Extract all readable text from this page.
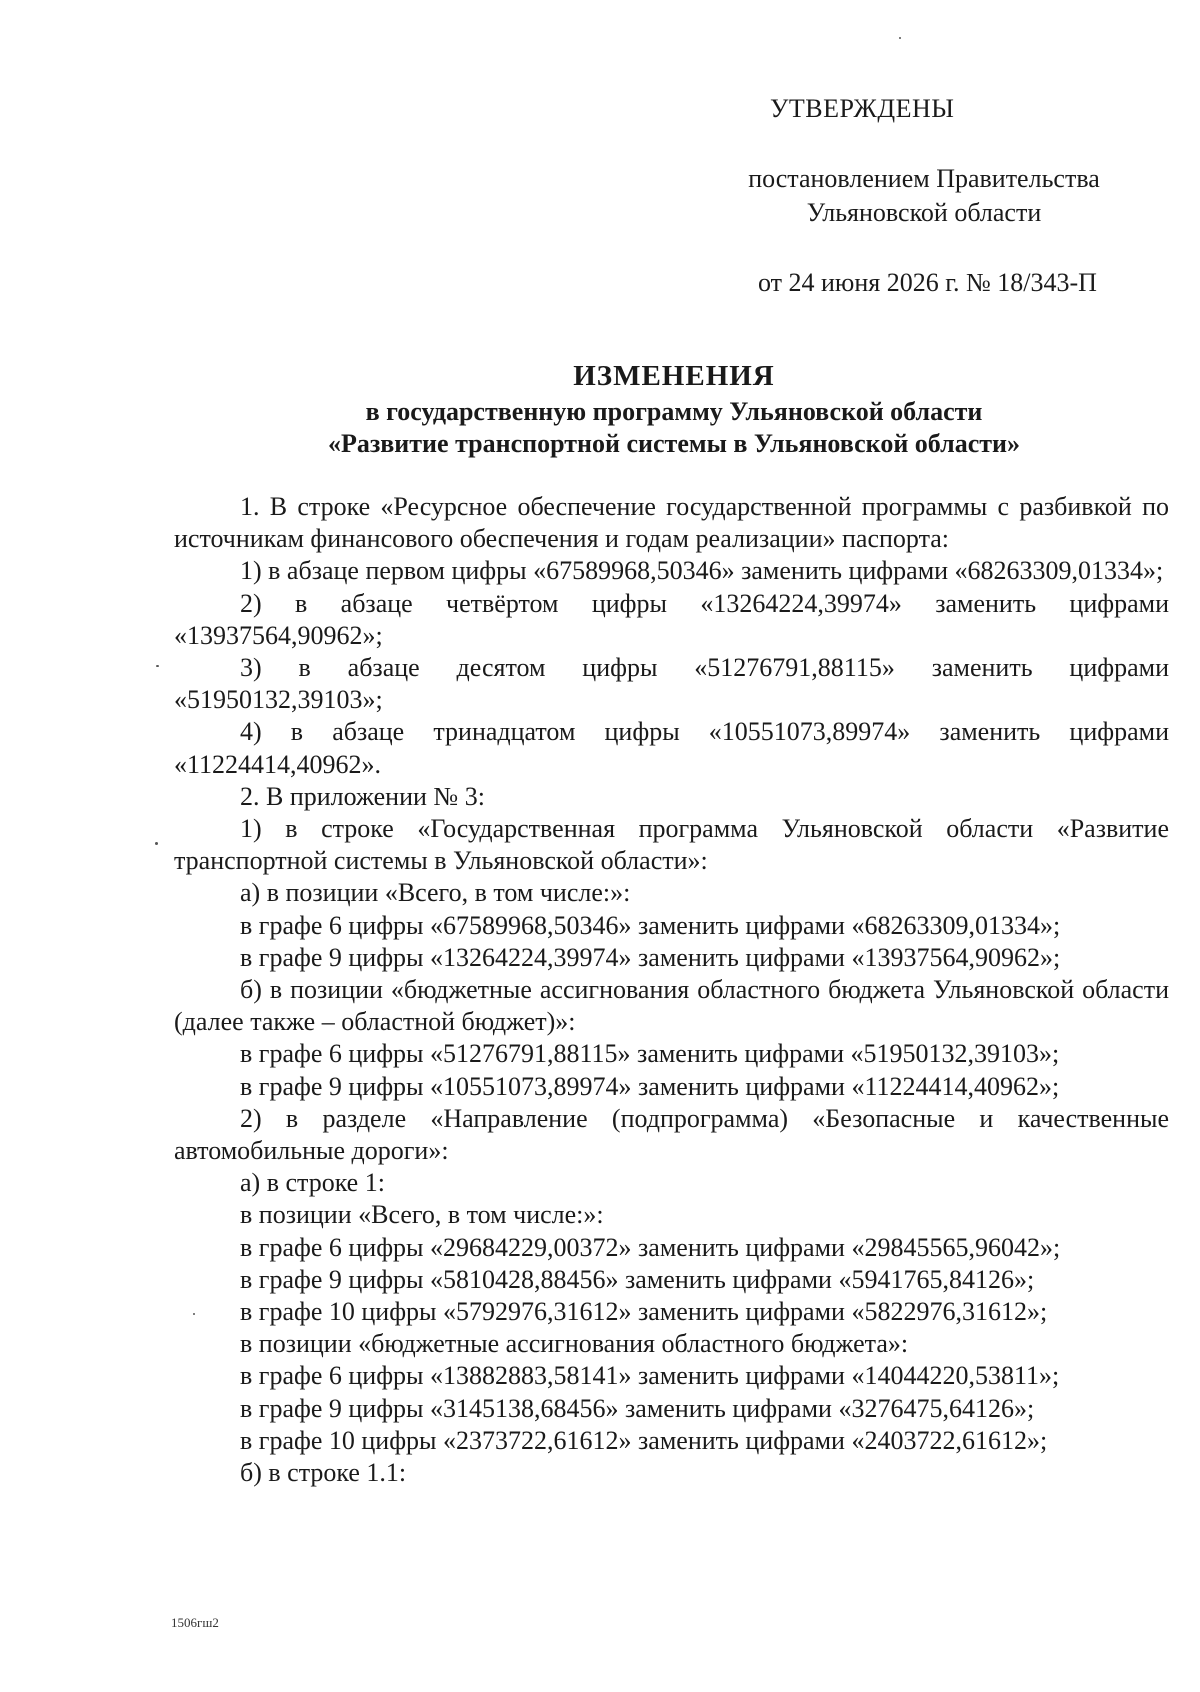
УТВЕРЖДЕНЫ
постановлением Правительства
Ульяновской области
от 24 июня 2026 г. № 18/343-П
ИЗМЕНЕНИЯ
в государственную программу Ульяновской области
«Развитие транспортной системы в Ульяновской области»

1. В строке «Ресурсное обеспечение государственной программы с разбивкой по источникам финансового обеспечения и годам реализации» паспорта:

1) в абзаце первом цифры «67589968,50346» заменить цифрами «68263309,01334»;

2) в абзаце четвёртом цифры «13264224,39974» заменить цифрами «13937564,90962»;

3) в абзаце десятом цифры «51276791,88115» заменить цифрами «51950132,39103»;

4) в абзаце тринадцатом цифры «10551073,89974» заменить цифрами «11224414,40962».

2. В приложении № 3:

1) в строке «Государственная программа Ульяновской области «Развитие транспортной системы в Ульяновской области»:

а) в позиции «Всего, в том числе:»:

в графе 6 цифры «67589968,50346» заменить цифрами «68263309,01334»;

в графе 9 цифры «13264224,39974» заменить цифрами «13937564,90962»;

б) в позиции «бюджетные ассигнования областного бюджета Ульяновской области (далее также – областной бюджет)»:

в графе 6 цифры «51276791,88115» заменить цифрами «51950132,39103»;

в графе 9 цифры «10551073,89974» заменить цифрами «11224414,40962»;

2) в разделе «Направление (подпрограмма) «Безопасные и качественные автомобильные дороги»:

а) в строке 1:

в позиции «Всего, в том числе:»:

в графе 6 цифры «29684229,00372» заменить цифрами «29845565,96042»;

в графе 9 цифры «5810428,88456» заменить цифрами «5941765,84126»;

в графе 10 цифры «5792976,31612» заменить цифрами «5822976,31612»;

в позиции «бюджетные ассигнования областного бюджета»:

в графе 6 цифры «13882883,58141» заменить цифрами «14044220,53811»;

в графе 9 цифры «3145138,68456» заменить цифрами «3276475,64126»;

в графе 10 цифры «2373722,61612» заменить цифрами «2403722,61612»;

б) в строке 1.1:

1506гш2
